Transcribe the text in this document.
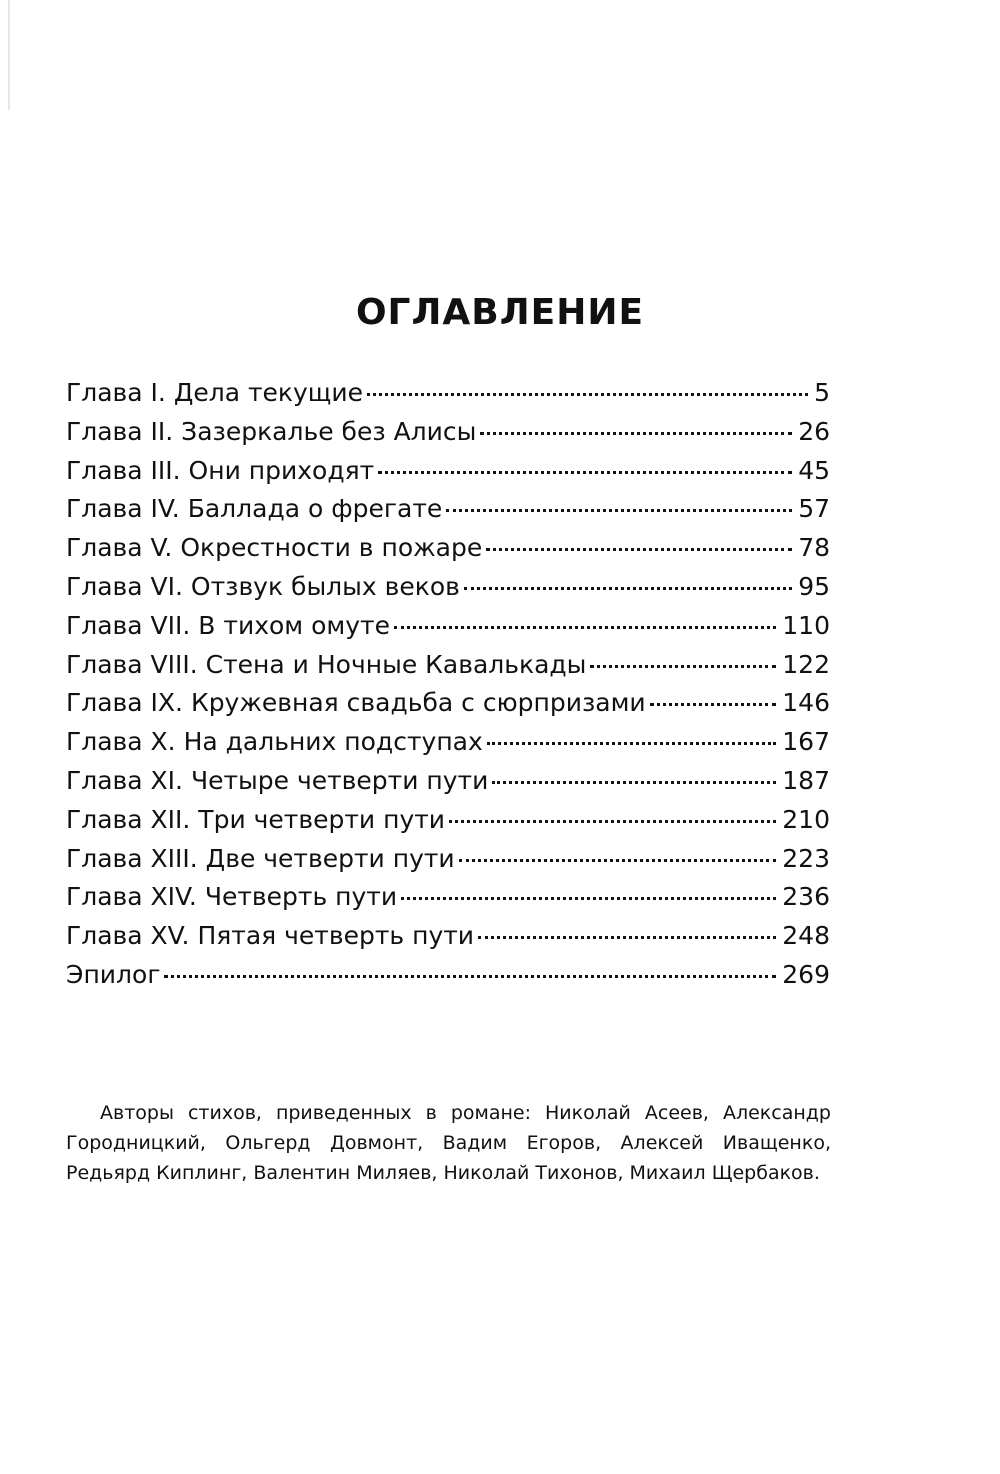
ОГЛАВЛЕНИЕ
Глава I. Дела текущие	5
Глава II. Зазеркалье без Алисы	26
Глава III. Они приходят	45
Глава IV. Баллада о фрегате	57
Глава V. Окрестности в пожаре	78
Глава VI. Отзвук былых веков	95
Глава VII. В тихом омуте	110
Глава VIII. Стена и Ночные Кавалькады	122
Глава IX. Кружевная свадьба с сюрпризами	146
Глава X. На дальних подступах	167
Глава XI. Четыре четверти пути	187
Глава XII. Три четверти пути	210
Глава XIII. Две четверти пути	223
Глава XIV. Четверть пути	236
Глава XV. Пятая четверть пути	248
Эпилог	269

Авторы стихов, приведенных в романе: Николай Асеев, Александр Городницкий, Ольгерд Довмонт, Вадим Егоров, Алексей Иващенко, Редьярд Киплинг, Валентин Миляев, Николай Тихонов, Михаил Щербаков.
